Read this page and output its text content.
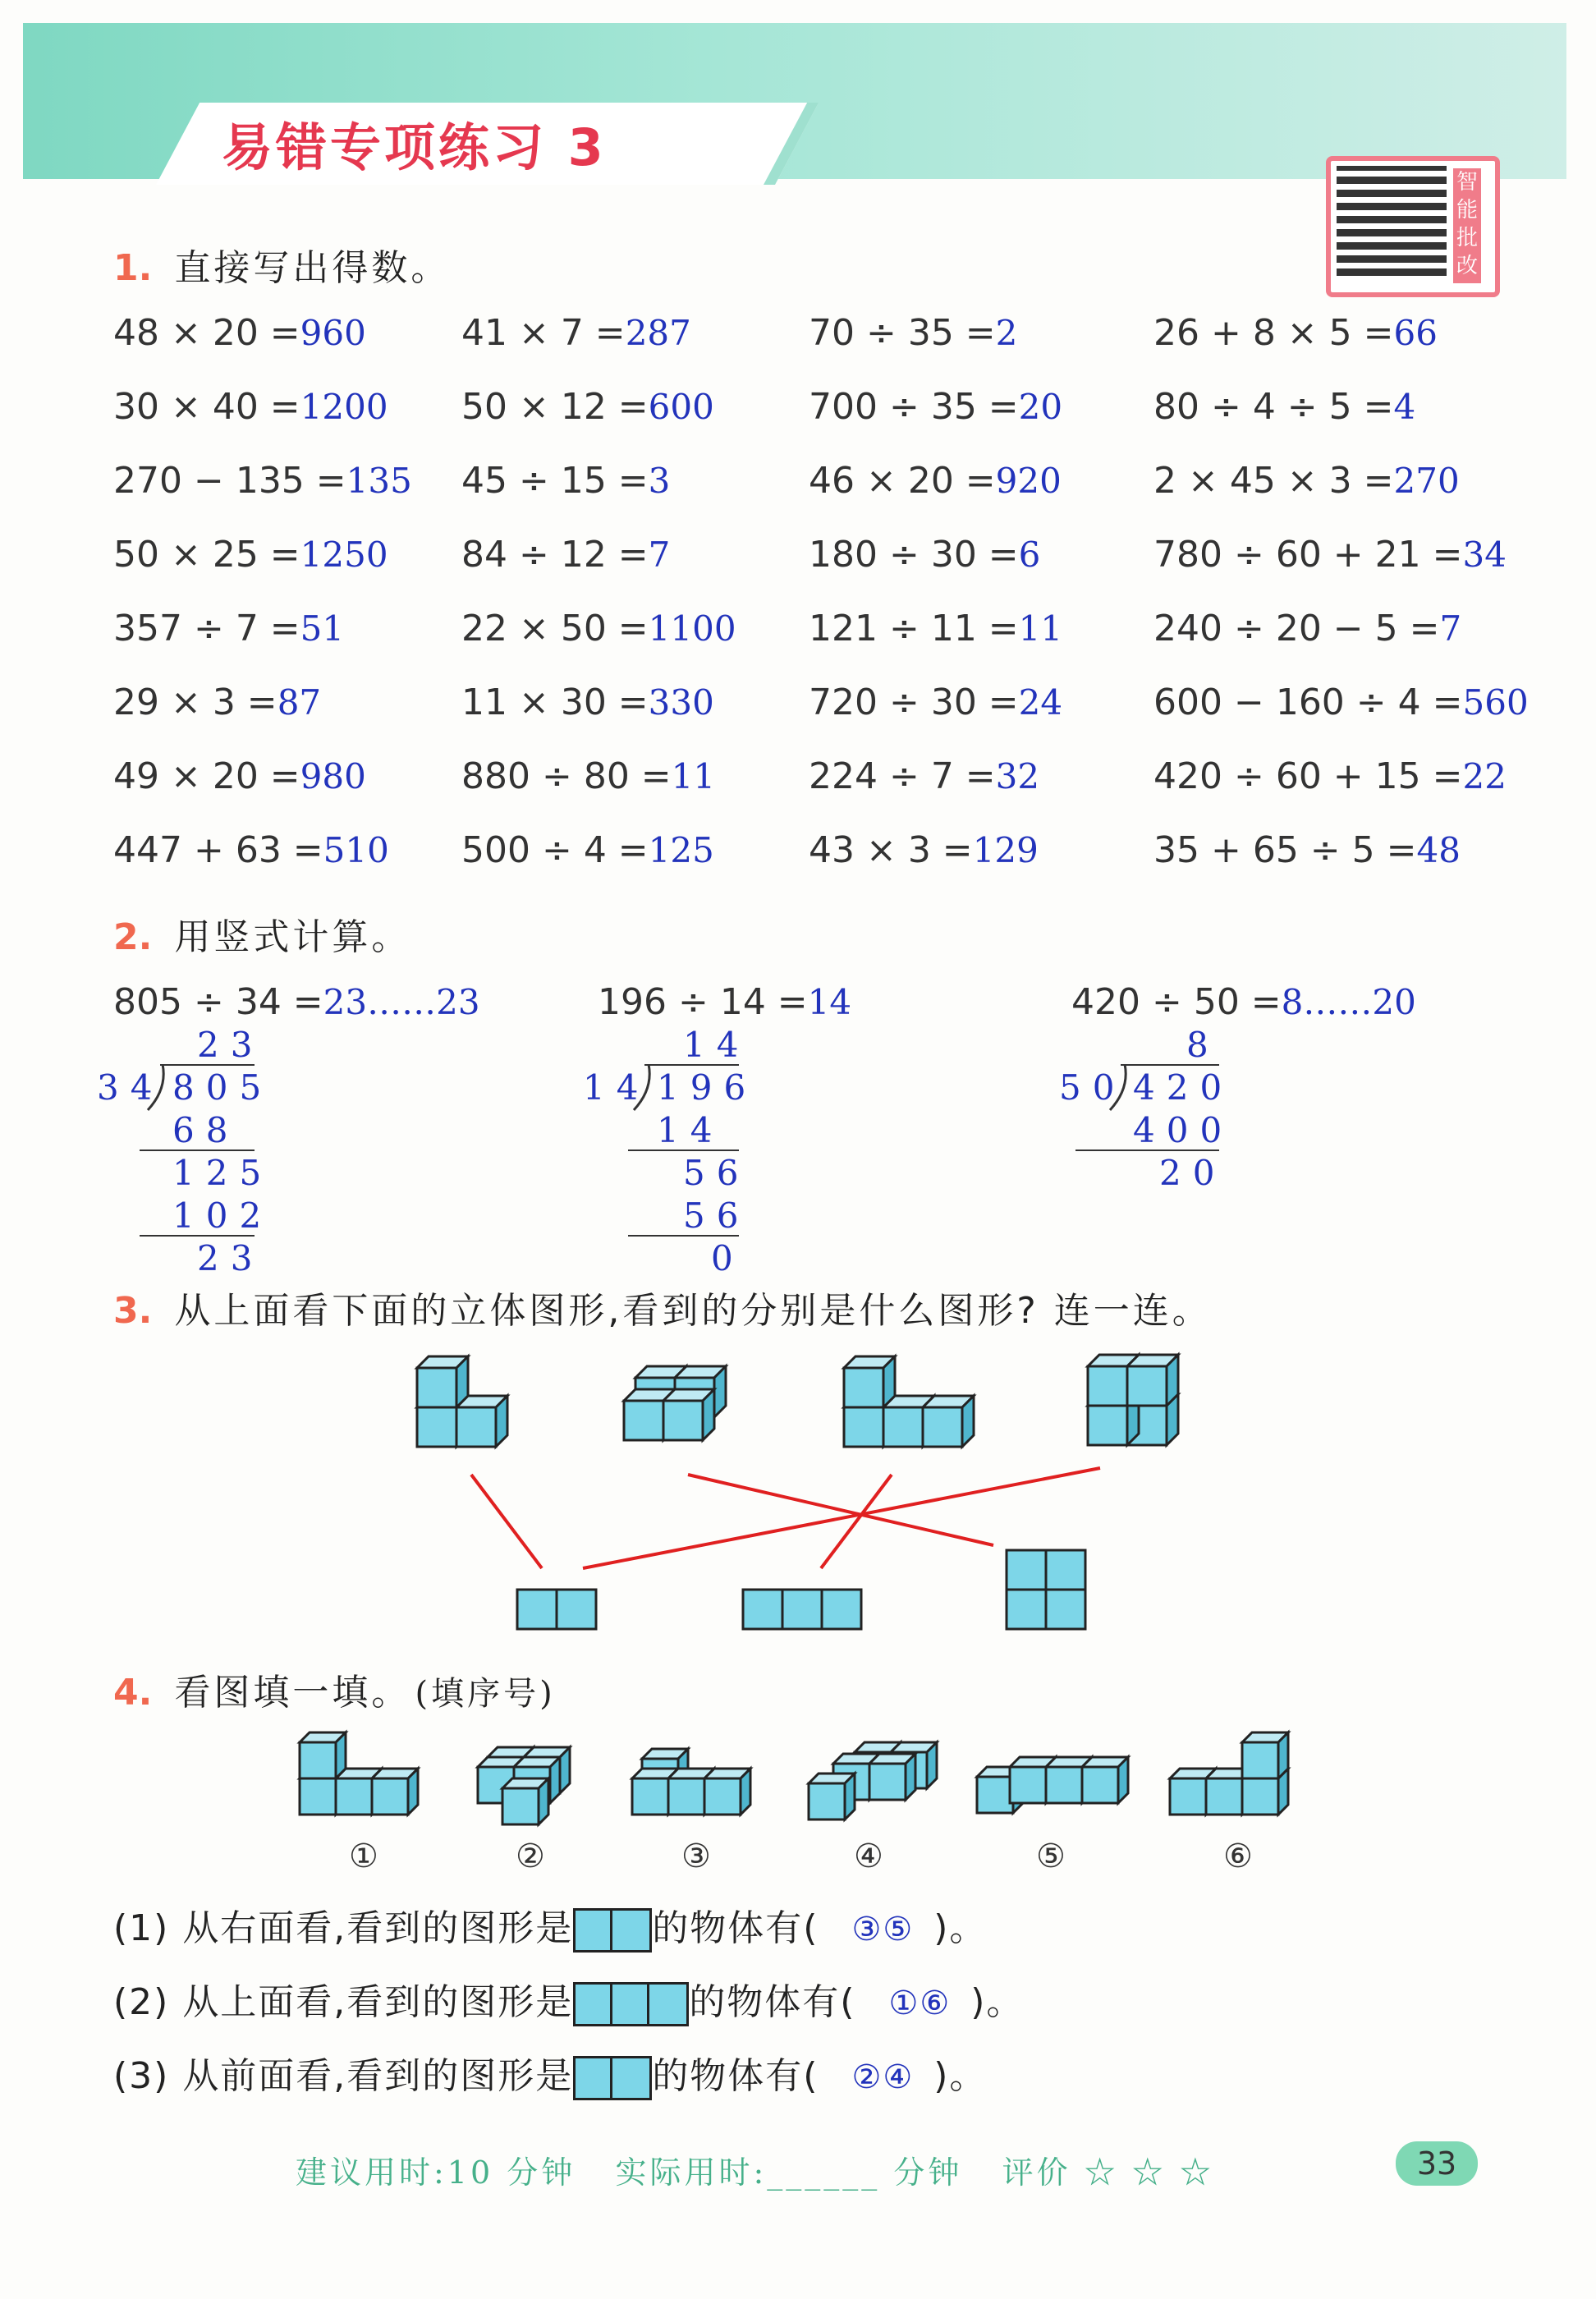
易错专项练习 3
智能批改
1. 直接写出得数。
48 × 20 =960	41 × 7 =287	70 ÷ 35 =2	26 + 8 × 5 =66
30 × 40 =1200 50 × 12 =600	700 ÷ 35 =20	80 ÷ 4 ÷ 5 =4
270 − 135 =135 45 ÷ 15 =3	46 × 20 =920	2 × 45 × 3 =270
50 × 25 =1250 84 ÷ 12 =7	180 ÷ 30 =6	780 ÷ 60 + 21 =34
357 ÷ 7 =51	22 × 50 =1100 121 ÷ 11 =11	240 ÷ 20 − 5 =7
29 × 3 =87	11 × 30 =330	720 ÷ 30 =24	600 − 160 ÷ 4 =560
49 × 20 =980	880 ÷ 80 =11	224 ÷ 7 =32	420 ÷ 60 + 15 =22
447 + 63 =510 500 ÷ 4 =125	43 × 3 =129	35 + 65 ÷ 5 =48
2. 用竖式计算。
805 ÷ 34 =23……23	196 ÷ 14 =14	420 ÷ 50 =8……20
23
34 805
68
125
102
23
14
14 196
14
56
56
0
8
50 420
400
20
3. 从上面看下面的立体图形,看到的分别是什么图形? 连一连。
4. 看图填一填。 (填序号)
①	②	③	④	⑤	⑥
(1) 从右面看,看到的图形是 的物体有( ③⑤ )。
(2) 从上面看,看到的图形是	的物体有( ①⑥ )。
(3) 从前面看,看到的图形是 的物体有( ②④ )。
建议用时:10 分钟   实际用时:______ 分钟   评价 ☆ ☆ ☆	33
